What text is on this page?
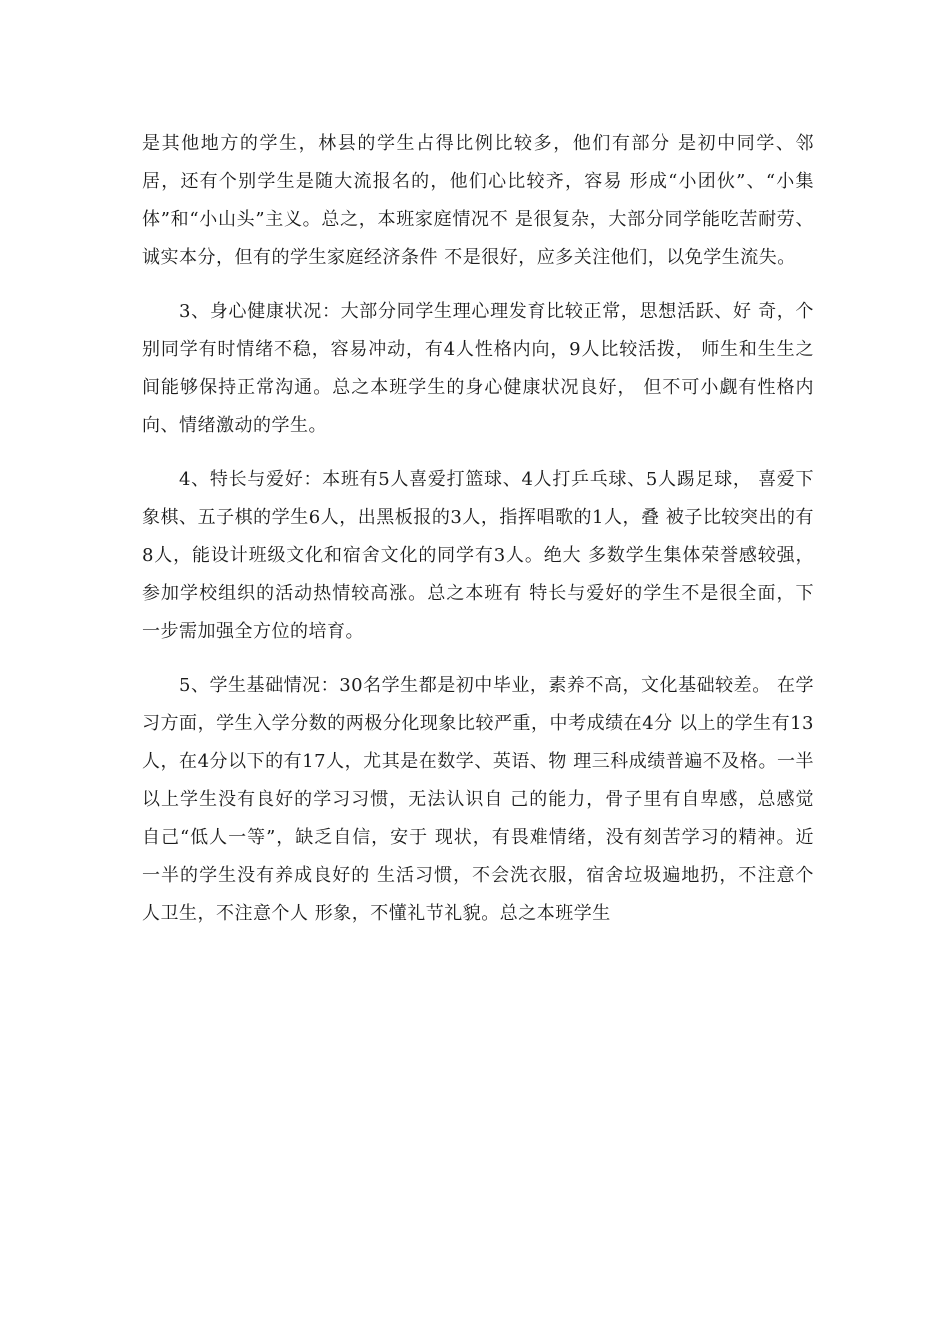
是其他地方的学生，林县的学生占得比例比较多，他们有部分 是初中同学、邻居，还有个别学生是随大流报名的，他们心比较齐，容易 形成“小团伙”、“小集体”和“小山头”主义。总之，本班家庭情况不 是很复杂，大部分同学能吃苦耐劳、诚实本分，但有的学生家庭经济条件 不是很好，应多关注他们，以免学生流失。

3、身心健康状况：大部分同学生理心理发育比较正常，思想活跃、好 奇，个别同学有时情绪不稳，容易冲动，有4人性格内向，9人比较活拨， 师生和生生之间能够保持正常沟通。总之本班学生的身心健康状况良好， 但不可小觑有性格内向、情绪激动的学生。

4、特长与爱好：本班有5人喜爱打篮球、4人打乒乓球、5人踢足球， 喜爱下象棋、五子棋的学生6人，出黑板报的3人，指挥唱歌的1人，叠 被子比较突出的有8人，能设计班级文化和宿舍文化的同学有3人。绝大 多数学生集体荣誉感较强，参加学校组织的活动热情较高涨。总之本班有 特长与爱好的学生不是很全面，下一步需加强全方位的培育。

5、学生基础情况：30名学生都是初中毕业，素养不高，文化基础较差。 在学习方面，学生入学分数的两极分化现象比较严重，中考成绩在4分 以上的学生有13人，在4分以下的有17人，尤其是在数学、英语、物 理三科成绩普遍不及格。一半以上学生没有良好的学习习惯，无法认识自 己的能力，骨子里有自卑感，总感觉自己“低人一等”，缺乏自信，安于 现状，有畏难情绪，没有刻苦学习的精神。近一半的学生没有养成良好的 生活习惯，不会洗衣服，宿舍垃圾遍地扔，不注意个人卫生，不注意个人 形象，不懂礼节礼貌。总之本班学生
